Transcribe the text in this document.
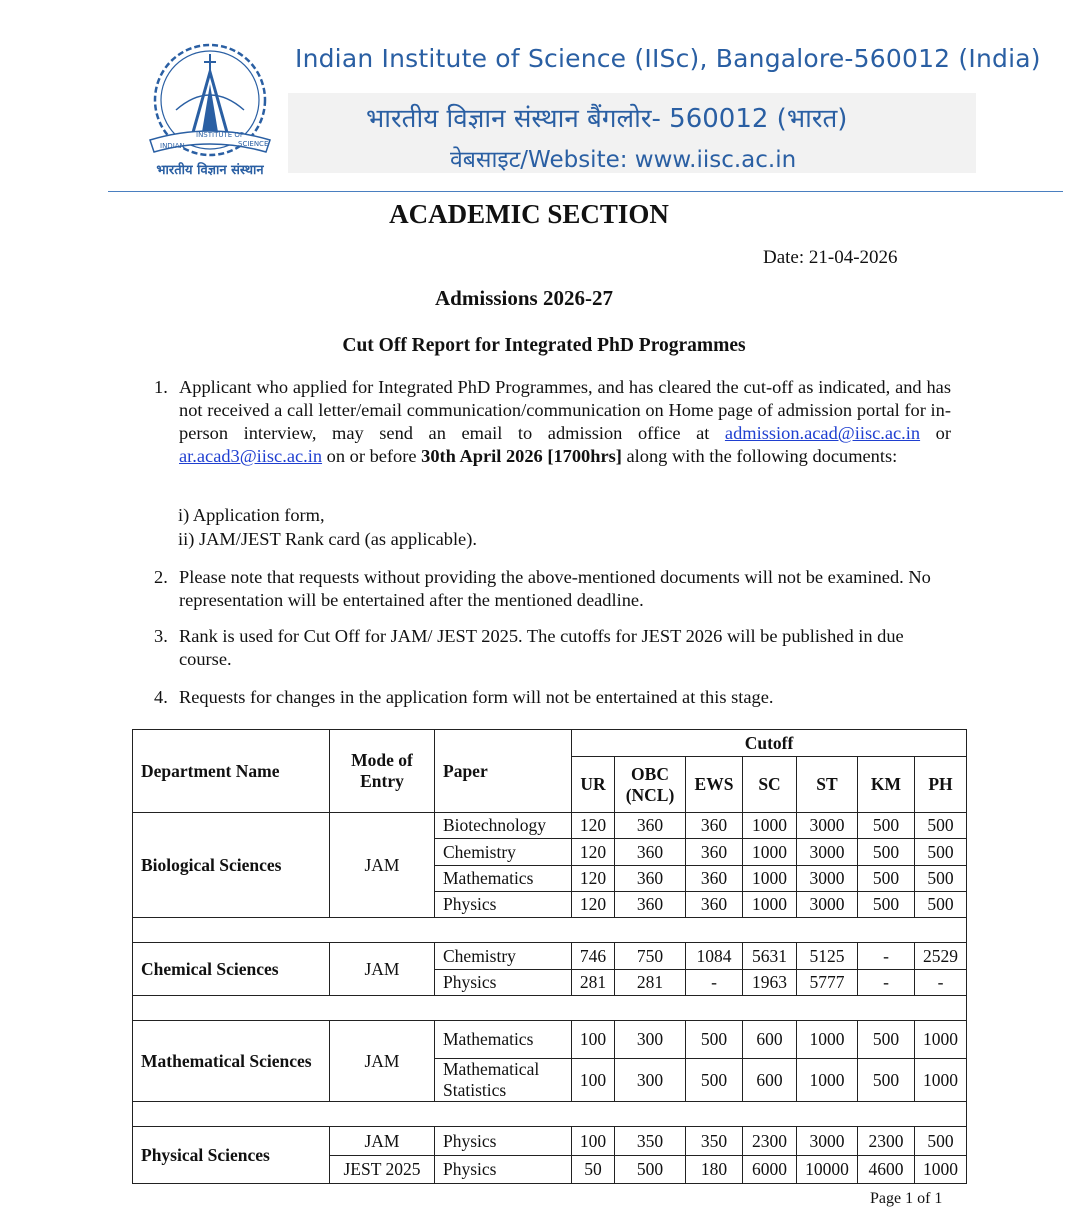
INDIAN
INSTITUTE OF
SCIENCE
भारतीय विज्ञान संस्थान
Indian Institute of Science (IISc), Bangalore-560012 (India)
भारतीय विज्ञान संस्थान बैंगलोर- 560012 (भारत)
वेबसाइट/Website: www.iisc.ac.in
ACADEMIC SECTION
Date: 21-04-2026
Admissions 2026-27
Cut Off Report for Integrated PhD Programmes
1. Applicant who applied for Integrated PhD Programmes, and has cleared the cut-off as indicated, and has not received a call letter/email communication/communication on Home page of admission portal for in-person interview, may send an email to admission office at admission.acad@iisc.ac.in or ar.acad3@iisc.ac.in on or before 30th April 2026 [1700hrs] along with the following documents:
i) Application form,
ii) JAM/JEST Rank card (as applicable).
2. Please note that requests without providing the above-mentioned documents will not be examined. No representation will be entertained after the mentioned deadline.
3. Rank is used for Cut Off for JAM/ JEST 2025. The cutoffs for JEST 2026 will be published in due course.
4. Requests for changes in the application form will not be entertained at this stage.
Department Name	Mode of Entry	Paper	Cutoff						
			UR	OBC (NCL)	EWS	SC	ST	KM	PH
Biological Sciences	JAM	Biotechnology	120	360	360	1000	3000	500	500
		Chemistry	120	360	360	1000	3000	500	500
		Mathematics	120	360	360	1000	3000	500	500
		Physics	120	360	360	1000	3000	500	500

Chemical Sciences	JAM	Chemistry	746	750	1084	5631	5125	-	2529
		Physics	281	281	-	1963	5777	-	-

Mathematical Sciences	JAM	Mathematics	100	300	500	600	1000	500	1000
		Mathematical Statistics	100	300	500	600	1000	500	1000

Physical Sciences	JAM	Physics	100	350	350	2300	3000	2300	500
	JEST 2025	Physics	50	500	180	6000	10000	4600	1000
Page 1 of 1
